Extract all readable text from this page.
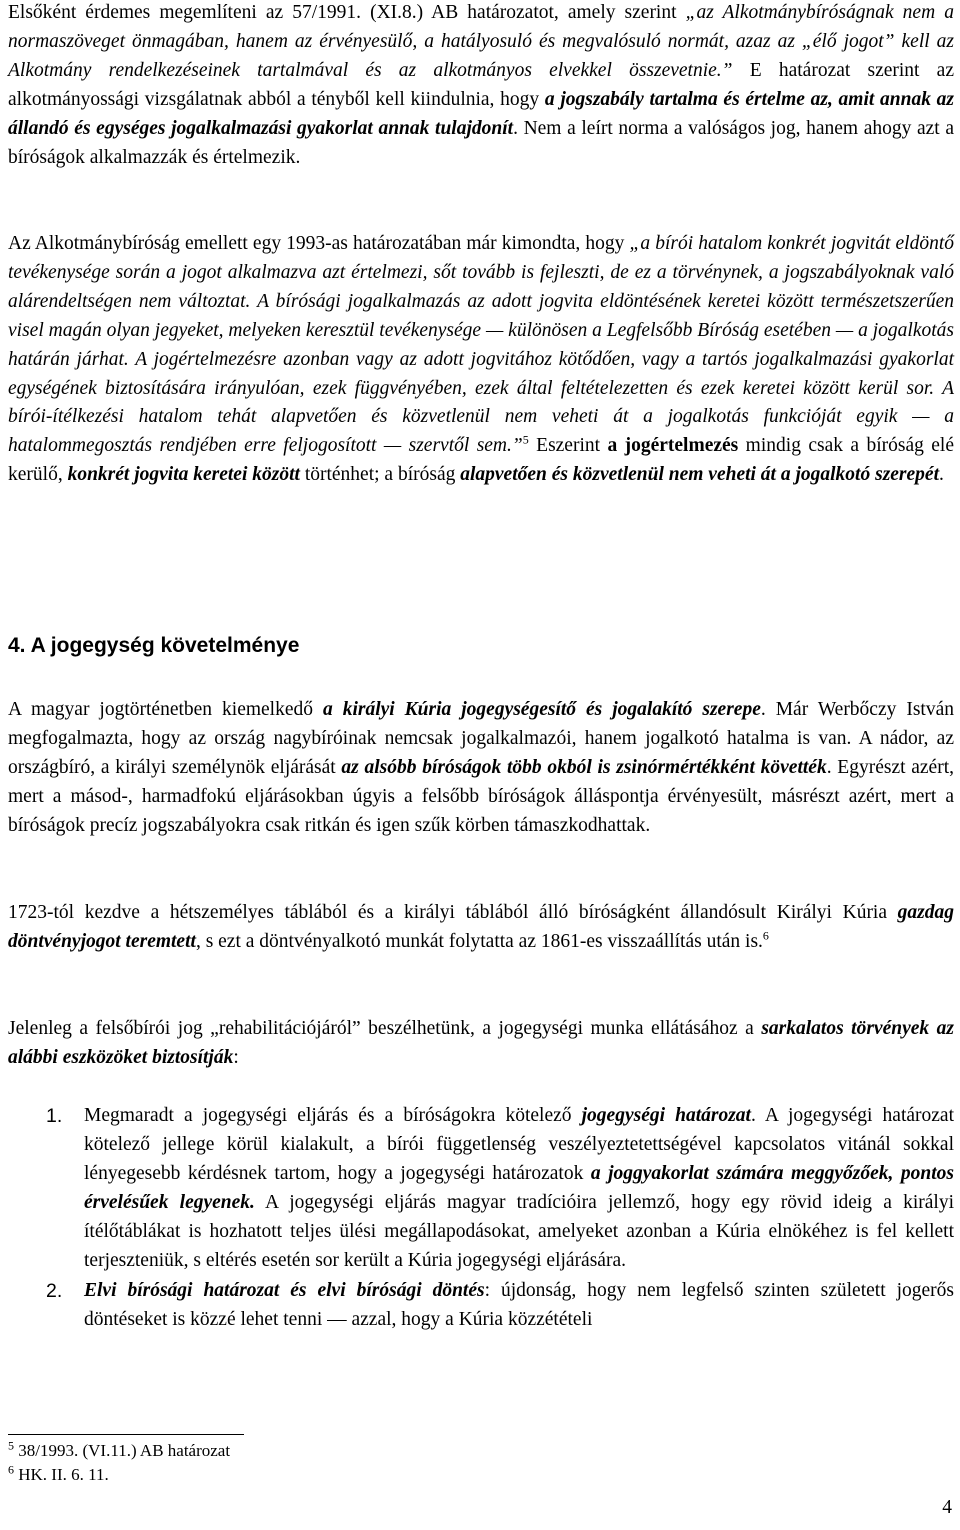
Elsőként érdemes megemlíteni az 57/1991. (XI.8.) AB határozatot, amely szerint „az Alkotmánybíróságnak nem a normaszöveget önmagában, hanem az érvényesülő, a hatályosuló és megvalósuló normát, azaz az „élő jogot” kell az Alkotmány rendelkezéseinek tartalmával és az alkotmányos elvekkel összevetnie.” E határozat szerint az alkotmányossági vizsgálatnak abból a tényből kell kiindulnia, hogy a jogszabály tartalma és értelme az, amit annak az állandó és egységes jogalkalmazási gyakorlat annak tulajdonít. Nem a leírt norma a valóságos jog, hanem ahogy azt a bíróságok alkalmazzák és értelmezik.

Az Alkotmánybíróság emellett egy 1993-as határozatában már kimondta, hogy „a bírói hatalom konkrét jogvitát eldöntő tevékenysége során a jogot alkalmazva azt értelmezi, sőt tovább is fejleszti, de ez a törvénynek, a jogszabályoknak való alárendeltségen nem változtat. A bírósági jogalkalmazás az adott jogvita eldöntésének keretei között természetszerűen visel magán olyan jegyeket, melyeken keresztül tevékenysége — különösen a Legfelsőbb Bíróság esetében — a jogalkotás határán járhat. A jogértelmezésre azonban vagy az adott jogvitához kötődően, vagy a tartós jogalkalmazási gyakorlat egységének biztosítására irányulóan, ezek függvényében, ezek által feltételezetten és ezek keretei között kerül sor. A bírói-ítélkezési hatalom tehát alapvetően és közvetlenül nem veheti át a jogalkotás funkcióját egyik — a hatalommegosztás rendjében erre feljogosított — szervtől sem.”$^5$ Eszerint a jogértelmezés mindig csak a bíróság elé kerülő, konkrét jogvita keretei között történhet; a bíróság alapvetően és közvetlenül nem veheti át a jogalkotó szerepét.

4. A jogegység követelménye

A magyar jogtörténetben kiemelkedő a királyi Kúria jogegységesítő és jogalakító szerepe. Már Werbőczy István megfogalmazta, hogy az ország nagybíróinak nemcsak jogalkalmazói, hanem jogalkotó hatalma is van. A nádor, az országbíró, a királyi személynök eljárását az alsóbb bíróságok több okból is zsinórmértékként követték. Egyrészt azért, mert a másod-, harmadfokú eljárásokban úgyis a felsőbb bíróságok álláspontja érvényesült, másrészt azért, mert a bíróságok precíz jogszabályokra csak ritkán és igen szűk körben támaszkodhattak.

1723-tól kezdve a hétszemélyes táblából és a királyi táblából álló bíróságként állandósult Királyi Kúria gazdag döntvényjogot teremtett, s ezt a döntvényalkotó munkát folytatta az 1861-es visszaállítás után is.$^6$

Jelenleg a felsőbírói jog „rehabilitációjáról” beszélhetünk, a jogegységi munka ellátásához a sarkalatos törvények az alábbi eszközöket biztosítják:

1. Megmaradt a jogegységi eljárás és a bíróságokra kötelező jogegységi határozat. A jogegységi határozat kötelező jellege körül kialakult, a bírói függetlenség veszélyeztetettségével kapcsolatos vitánál sokkal lényegesebb kérdésnek tartom, hogy a jogegységi határozatok a joggyakorlat számára meggyőzőek, pontos érvelésűek legyenek. A jogegységi eljárás magyar tradícióira jellemző, hogy egy rövid ideig a királyi ítélőtáblákat is hozhatott teljes ülési megállapodásokat, amelyeket azonban a Kúria elnökéhez is fel kellett terjeszteniük, s eltérés esetén sor került a Kúria jogegységi eljárására.

2. Elvi bírósági határozat és elvi bírósági döntés: újdonság, hogy nem legfelső szinten született jogerős döntéseket is közzé lehet tenni — azzal, hogy a Kúria közzétételi

$^5$ 38/1993. (VI.11.) AB határozat
$^6$ HK. II. 6. 11.
4
